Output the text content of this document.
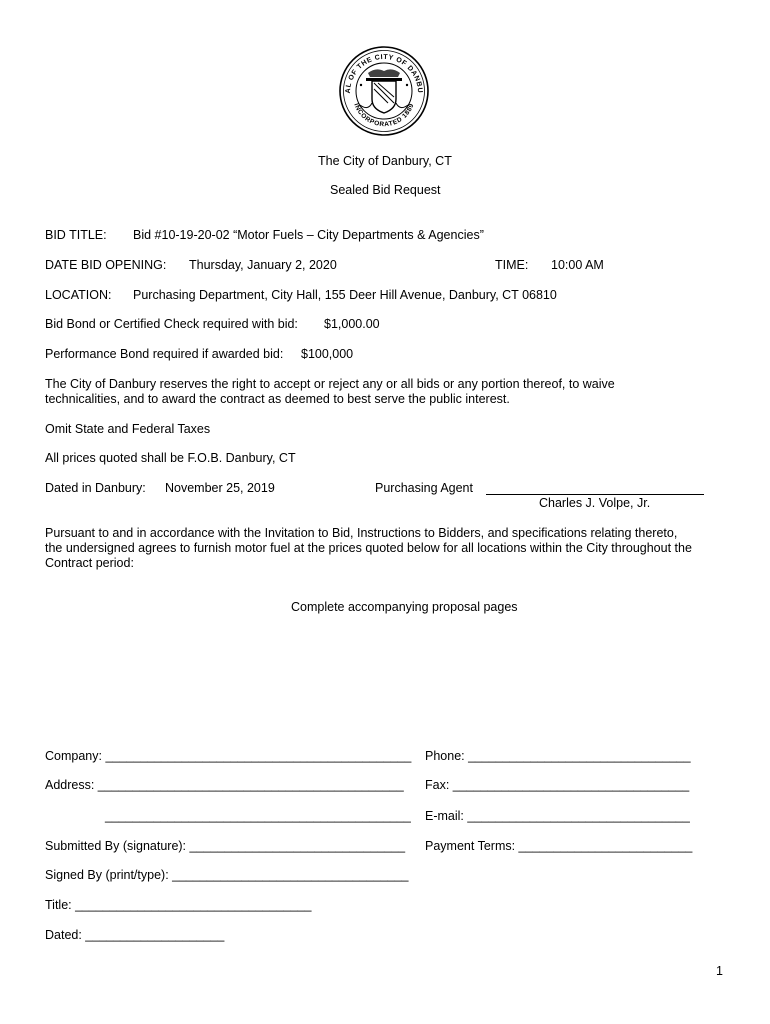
AL OF THE CITY OF DANBU
INCORPORATED 1889
The City of Danbury, CT
Sealed Bid Request
BID TITLE: Bid #10-19-20-02 “Motor Fuels – City Departments & Agencies”
DATE BID OPENING: Thursday, January 2, 2020	TIME: 10:00 AM
LOCATION: Purchasing Department, City Hall, 155 Deer Hill Avenue, Danbury, CT 06810
Bid Bond or Certified Check required with bid: $1,000.00
Performance Bond required if awarded bid: $100,000
The City of Danbury reserves the right to accept or reject any or all bids or any portion thereof, to waive
technicalities, and to award the contract as deemed to best serve the public interest.
Omit State and Federal Taxes
All prices quoted shall be F.O.B. Danbury, CT
Dated in Danbury: November 25, 2019	Purchasing Agent
Charles J. Volpe, Jr.
Pursuant to and in accordance with the Invitation to Bid, Instructions to Bidders, and specifications relating thereto,
the undersigned agrees to furnish motor fuel at the prices quoted below for all locations within the City throughout the
Contract period:
Complete accompanying proposal pages
Company: ____________________________________________ Phone: ________________________________
Address: ____________________________________________ Fax: __________________________________
____________________________________________ E-mail: ________________________________
Submitted By (signature): _______________________________ Payment Terms: _________________________
Signed By (print/type): __________________________________
Title: __________________________________
Dated: ____________________
1
